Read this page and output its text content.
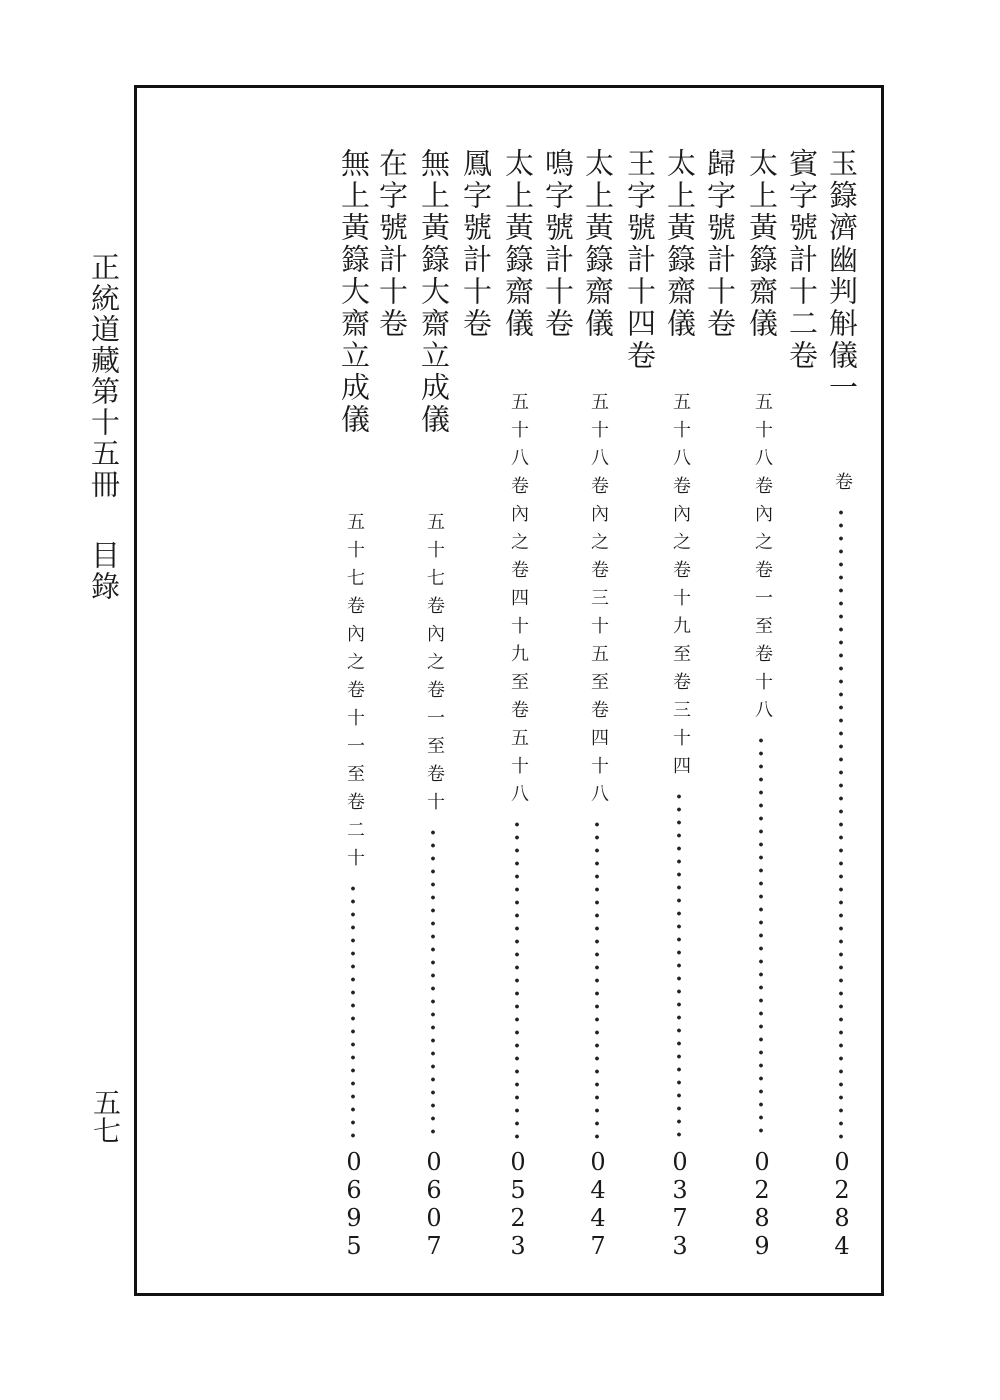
正統道藏第十五冊
目錄
五七
玉籙濟幽判斛儀一
卷
0284
賓字號計十二卷
太上黃籙齋儀
五十八卷內之卷一至卷十八
0289
歸字號計十卷
太上黃籙齋儀
五十八卷內之卷十九至卷三十四
0373
王字號計十四卷
太上黃籙齋儀
五十八卷內之卷三十五至卷四十八
0447
鳴字號計十卷
太上黃籙齋儀
五十八卷內之卷四十九至卷五十八
0523
鳳字號計十卷
無上黃籙大齋立成儀
五十七卷內之卷一至卷十
0607
在字號計十卷
無上黃籙大齋立成儀
五十七卷內之卷十一至卷二十
0695
